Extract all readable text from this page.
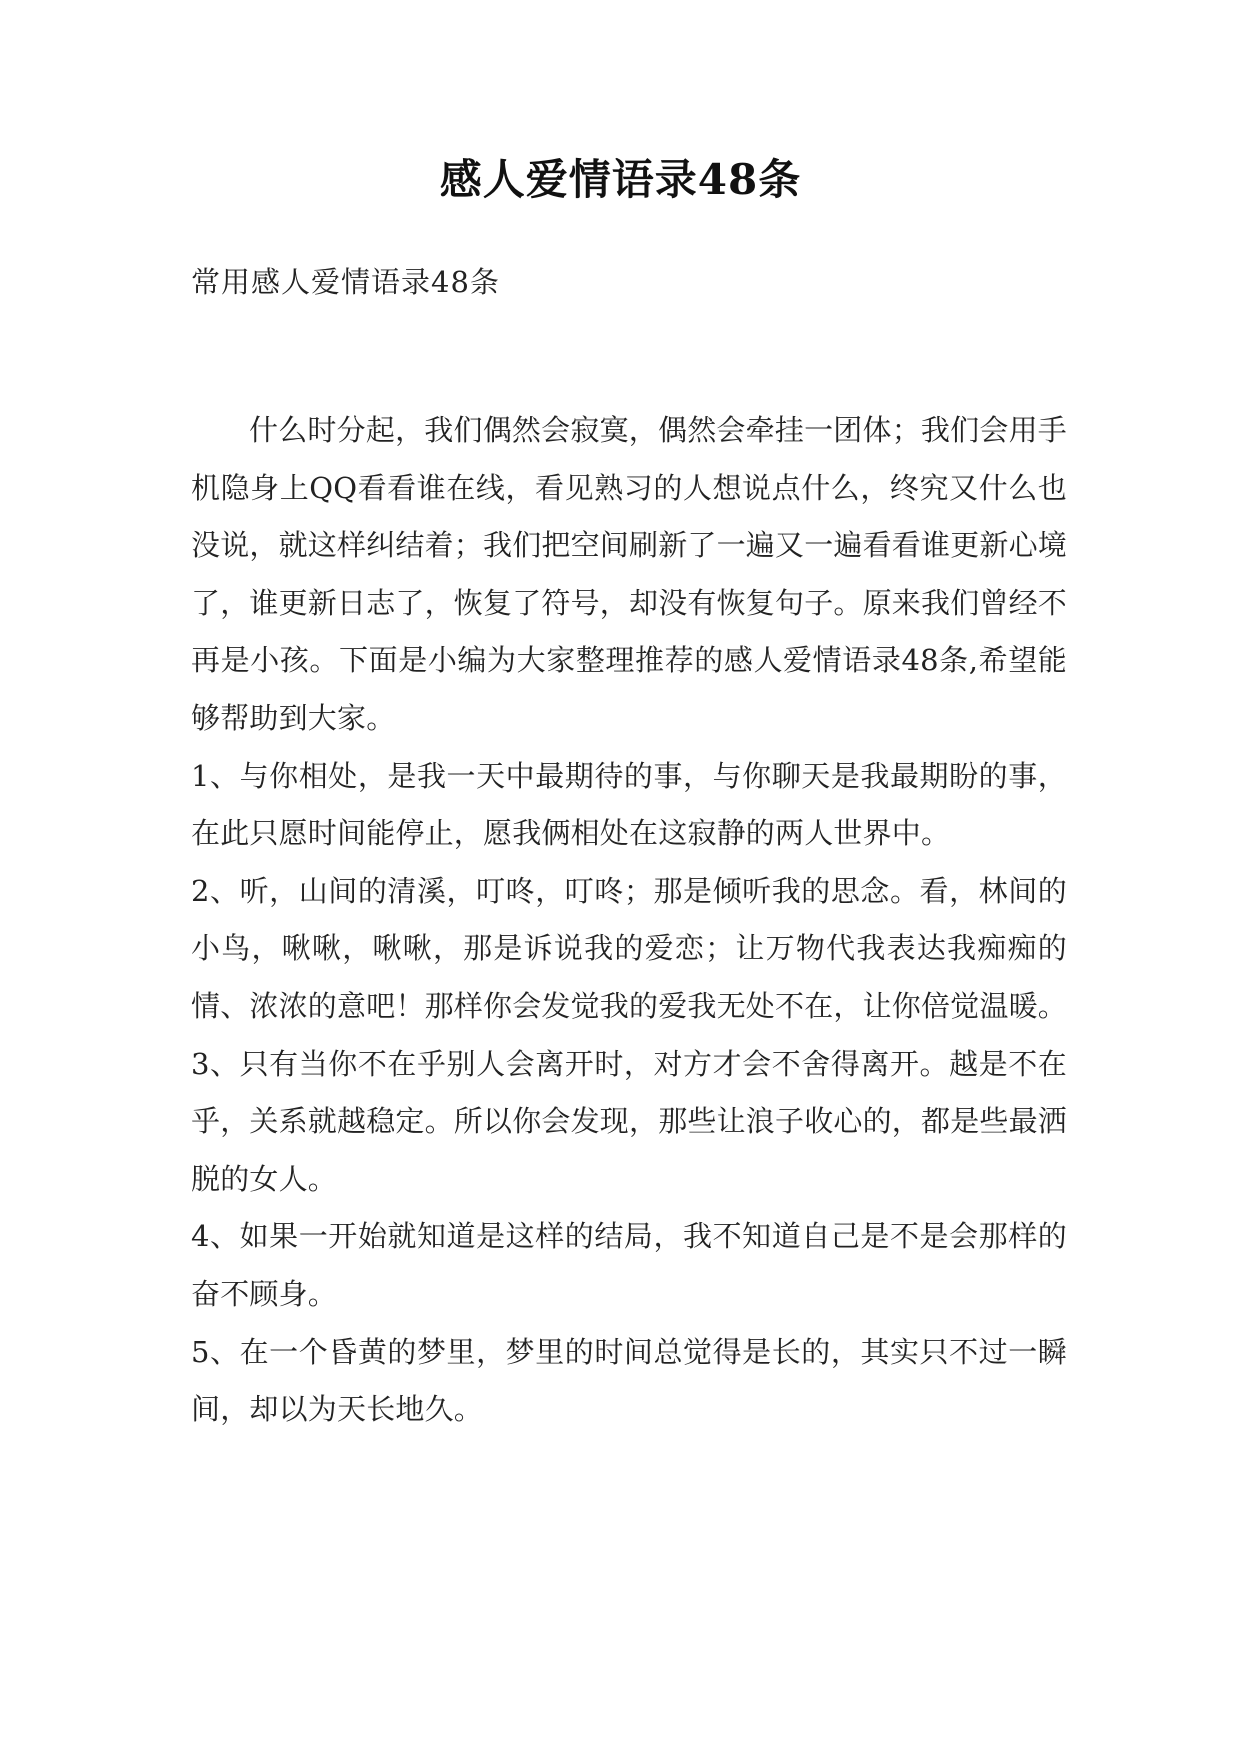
感人爱情语录48条
常用感人爱情语录48条

什么时分起，我们偶然会寂寞，偶然会牵挂一团体；我们会用手机隐身上QQ看看谁在线，看见熟习的人想说点什么，终究又什么也没说，就这样纠结着；我们把空间刷新了一遍又一遍看看谁更新心境了，谁更新日志了，恢复了符号，却没有恢复句子。原来我们曾经不再是小孩。下面是小编为大家整理推荐的感人爱情语录48条,希望能够帮助到大家。

1、与你相处，是我一天中最期待的事，与你聊天是我最期盼的事，在此只愿时间能停止，愿我俩相处在这寂静的两人世界中。

2、听，山间的清溪，叮咚，叮咚；那是倾听我的思念。看，林间的小鸟，啾啾，啾啾，那是诉说我的爱恋；让万物代我表达我痴痴的情、浓浓的意吧！那样你会发觉我的爱我无处不在，让你倍觉温暖。

3、只有当你不在乎别人会离开时，对方才会不舍得离开。越是不在乎，关系就越稳定。所以你会发现，那些让浪子收心的，都是些最洒脱的女人。

4、如果一开始就知道是这样的结局，我不知道自己是不是会那样的奋不顾身。

5、在一个昏黄的梦里，梦里的时间总觉得是长的，其实只不过一瞬间，却以为天长地久。
